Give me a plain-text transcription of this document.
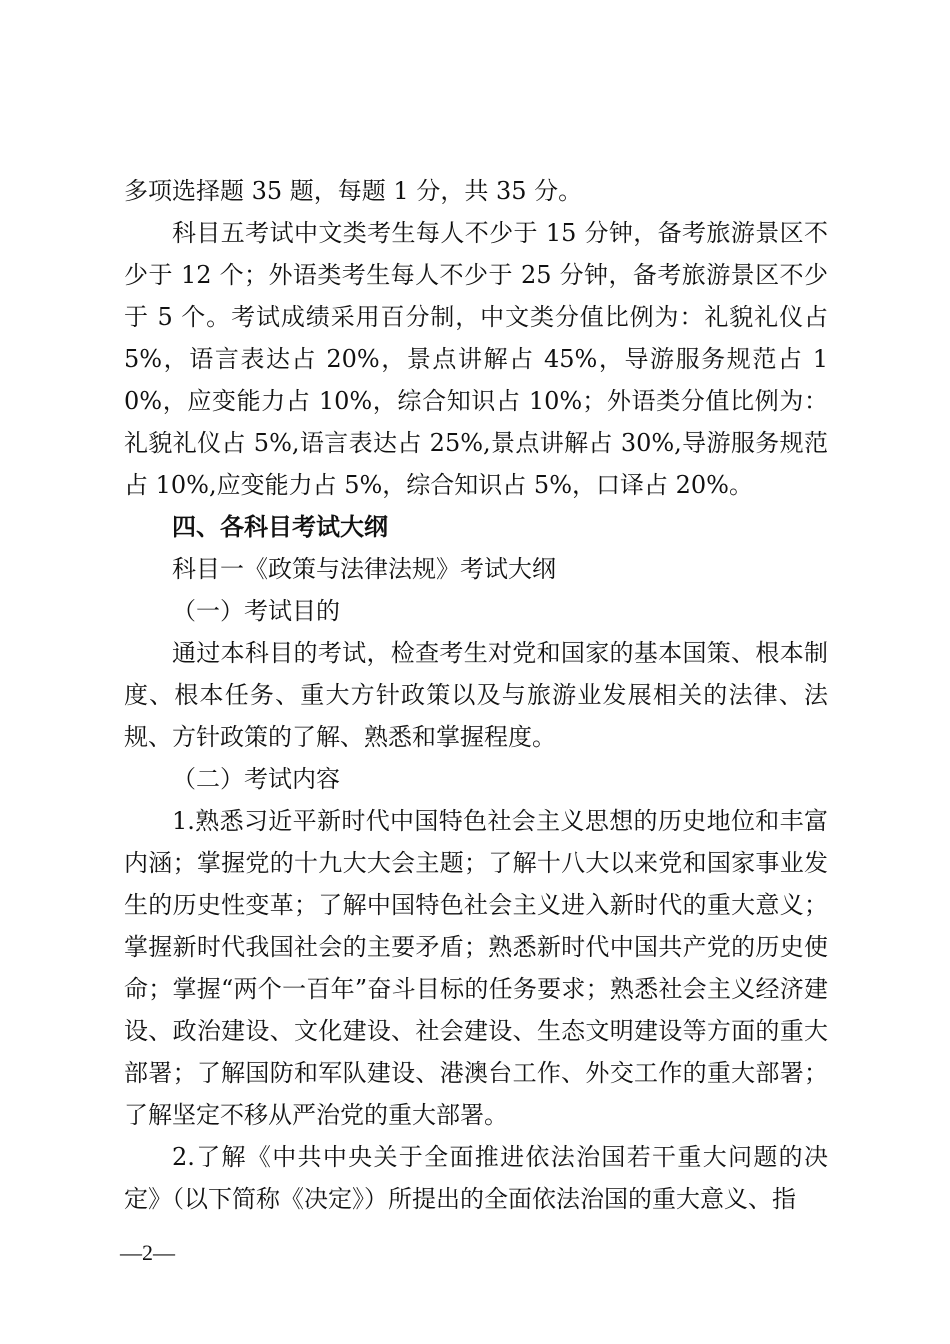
多项选择题 35 题，每题 1 分，共 35 分。

科目五考试中文类考生每人不少于 15 分钟，备考旅游景区不少于 12 个；外语类考生每人不少于 25 分钟，备考旅游景区不少于 5 个。考试成绩采用百分制，中文类分值比例为：礼貌礼仪占 5%，语言表达占 20%，景点讲解占 45%，导游服务规范占 10%，应变能力占 10%，综合知识占 10%；外语类分值比例为：礼貌礼仪占 5%,语言表达占 25%,景点讲解占 30%,导游服务规范占 10%,应变能力占 5%，综合知识占 5%，口译占 20%。

四、各科目考试大纲

科目一《政策与法律法规》考试大纲

（一）考试目的

通过本科目的考试，检查考生对党和国家的基本国策、根本制度、根本任务、重大方针政策以及与旅游业发展相关的法律、法规、方针政策的了解、熟悉和掌握程度。

（二）考试内容

1.熟悉习近平新时代中国特色社会主义思想的历史地位和丰富内涵；掌握党的十九大大会主题；了解十八大以来党和国家事业发生的历史性变革；了解中国特色社会主义进入新时代的重大意义；掌握新时代我国社会的主要矛盾；熟悉新时代中国共产党的历史使命；掌握“两个一百年”奋斗目标的任务要求；熟悉社会主义经济建设、政治建设、文化建设、社会建设、生态文明建设等方面的重大部署；了解国防和军队建设、港澳台工作、外交工作的重大部署；了解坚定不移从严治党的重大部署。

2.了解《中共中央关于全面推进依法治国若干重大问题的决定》（以下简称《决定》）所提出的全面依法治国的重大意义、指

—2—
